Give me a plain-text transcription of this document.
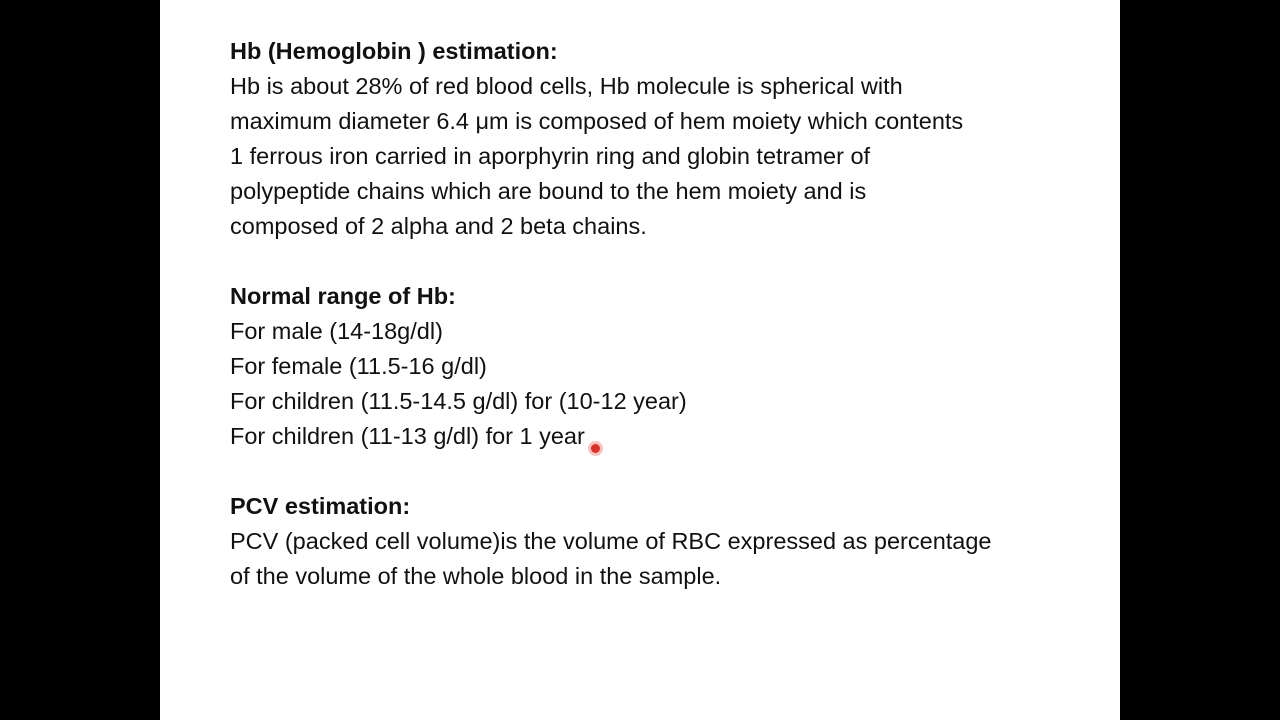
Hb (Hemoglobin ) estimation:

Hb is about 28% of red blood cells, Hb molecule is spherical with

maximum diameter 6.4 μm is composed of hem moiety which contents

1 ferrous iron carried in aporphyrin ring and globin tetramer of

polypeptide chains which are bound to the hem moiety and is

composed of 2 alpha and 2 beta chains.

Normal range of Hb:

For male (14-18g/dl)

For female (11.5-16 g/dl)

For children (11.5-14.5 g/dl) for (10-12 year)

For children (11-13 g/dl) for 1 year

PCV estimation:

PCV (packed cell volume)is the volume of RBC expressed as percentage

of the volume of the whole blood in the sample.
